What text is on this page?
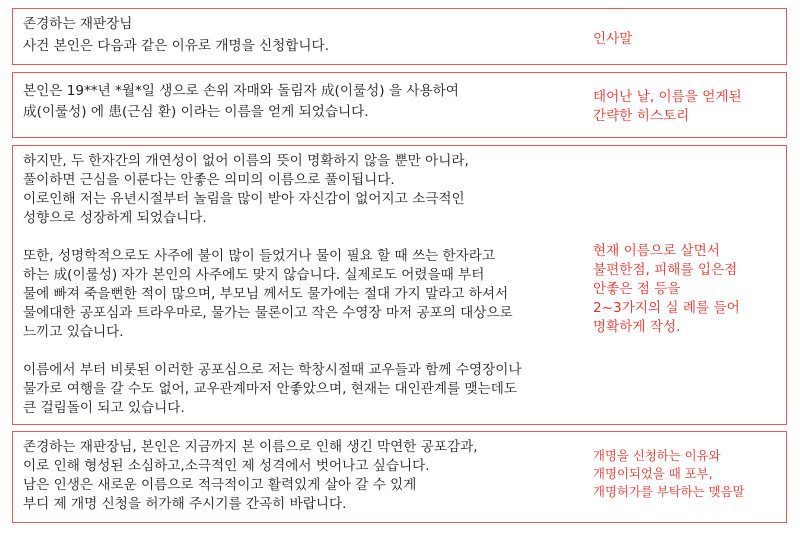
존경하는 재판장님
사건 본인은 다음과 같은 이유로 개명을 신청합니다.	인사말
본인은 19**년 *월*일 생으로 손위 자매와 돌림자 成(이룰성) 을 사용하여
成(이룰성) 에 患(근심 환) 이라는 이름을 얻게 되었습니다.
태어난 날, 이름을 얻게된
간략한 히스토리
하지만, 두 한자간의 개연성이 없어 이름의 뜻이 명확하지 않을 뿐만 아니라,
풀이하면 근심을 이룬다는 안좋은 의미의 이름으로 풀이됩니다.
이로인해 저는 유년시절부터 놀림을 많이 받아 자신감이 없어지고 소극적인
성향으로 성장하게 되었습니다.
또한, 성명학적으로도 사주에 불이 많이 들었거나 물이 필요 할 때 쓰는 한자라고
하는 成(이룰성) 자가 본인의 사주에도 맞지 않습니다. 실제로도 어렸을때 부터
물에 빠져 죽을뻔한 적이 많으며, 부모님 께서도 물가에는 절대 가지 말라고 하셔서
물에대한 공포심과 트라우마로, 물가는 물론이고 작은 수영장 마저 공포의 대상으로
느끼고 있습니다.
이름에서 부터 비롯된 이러한 공포심으로 저는 학창시절때 교우들과 함께 수영장이나
물가로 여행을 갈 수도 없어, 교우관계마저 안좋았으며, 현재는 대인관계를 맺는데도
큰 걸림돌이 되고 있습니다.
현재 이름으로 살면서
불편한점, 피해를 입은점
안좋은 점 등을
2~3가지의 실 례를 들어
명확하게 작성.
존경하는 재판장님, 본인은 지금까지 본 이름으로 인해 생긴 막연한 공포감과,
이로 인해 형성된 소심하고,소극적인 제 성격에서 벗어나고 싶습니다.
남은 인생은 새로운 이름으로 적극적이고 활력있게 살아 갈 수 있게
부디 제 개명 신청을 허가해 주시기를 간곡히 바랍니다.
개명을 신청하는 이유와
개명이되었을 때 포부,
개명허가를 부탁하는 맺음말
